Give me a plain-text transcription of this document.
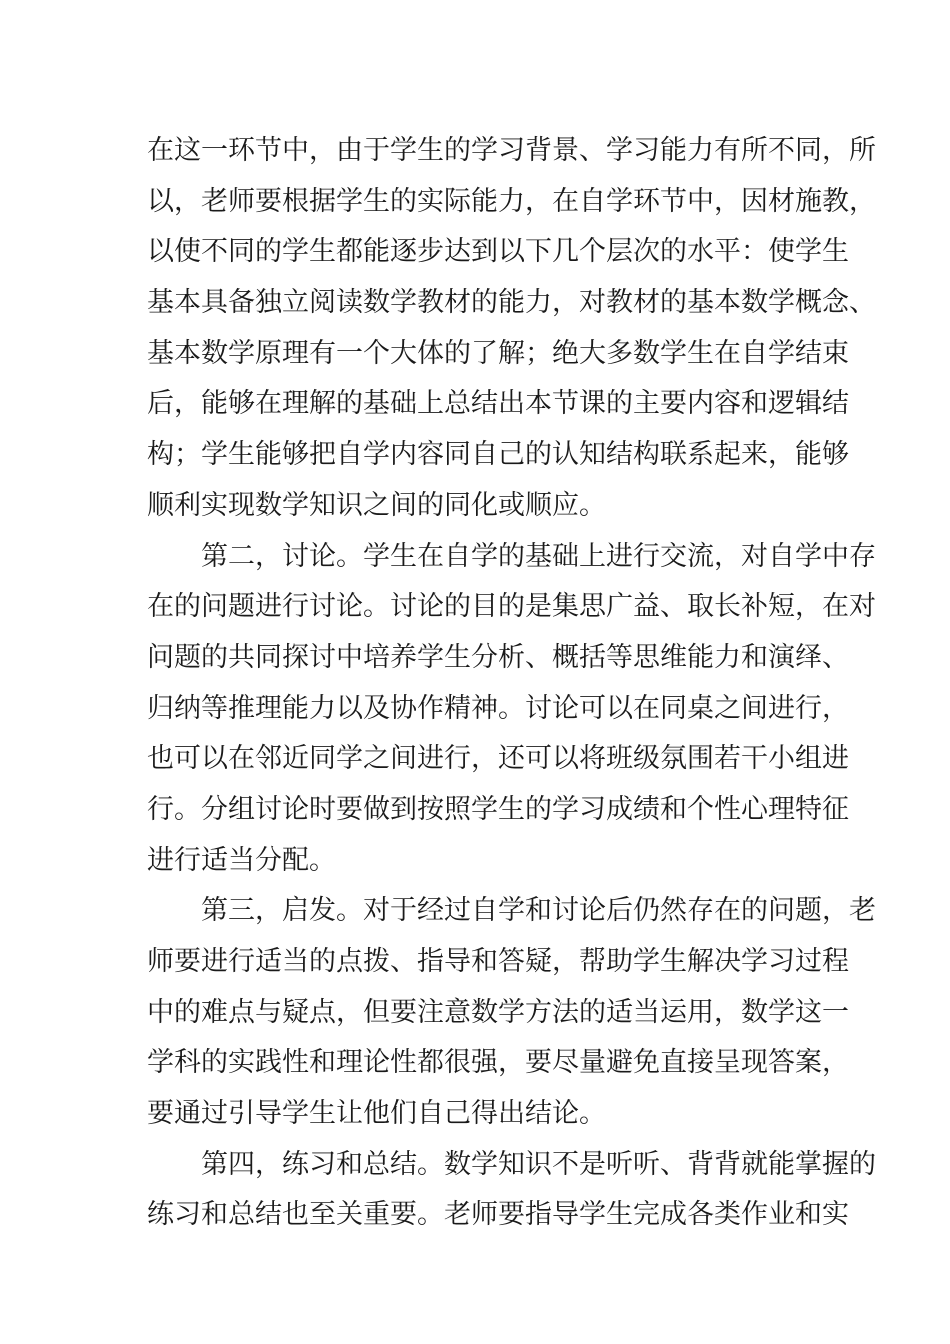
在这一环节中，由于学生的学习背景、学习能力有所不同，所
以，老师要根据学生的实际能力，在自学环节中，因材施教，
以使不同的学生都能逐步达到以下几个层次的水平：使学生
基本具备独立阅读数学教材的能力，对教材的基本数学概念、
基本数学原理有一个大体的了解；绝大多数学生在自学结束
后，能够在理解的基础上总结出本节课的主要内容和逻辑结
构；学生能够把自学内容同自己的认知结构联系起来，能够
顺利实现数学知识之间的同化或顺应。
第二，讨论。学生在自学的基础上进行交流，对自学中存
在的问题进行讨论。讨论的目的是集思广益、取长补短，在对
问题的共同探讨中培养学生分析、概括等思维能力和演绎、
归纳等推理能力以及协作精神。讨论可以在同桌之间进行，
也可以在邻近同学之间进行，还可以将班级氛围若干小组进
行。分组讨论时要做到按照学生的学习成绩和个性心理特征
进行适当分配。
第三，启发。对于经过自学和讨论后仍然存在的问题，老
师要进行适当的点拨、指导和答疑，帮助学生解决学习过程
中的难点与疑点，但要注意数学方法的适当运用，数学这一
学科的实践性和理论性都很强，要尽量避免直接呈现答案，
要通过引导学生让他们自己得出结论。
第四，练习和总结。数学知识不是听听、背背就能掌握的
练习和总结也至关重要。老师要指导学生完成各类作业和实
